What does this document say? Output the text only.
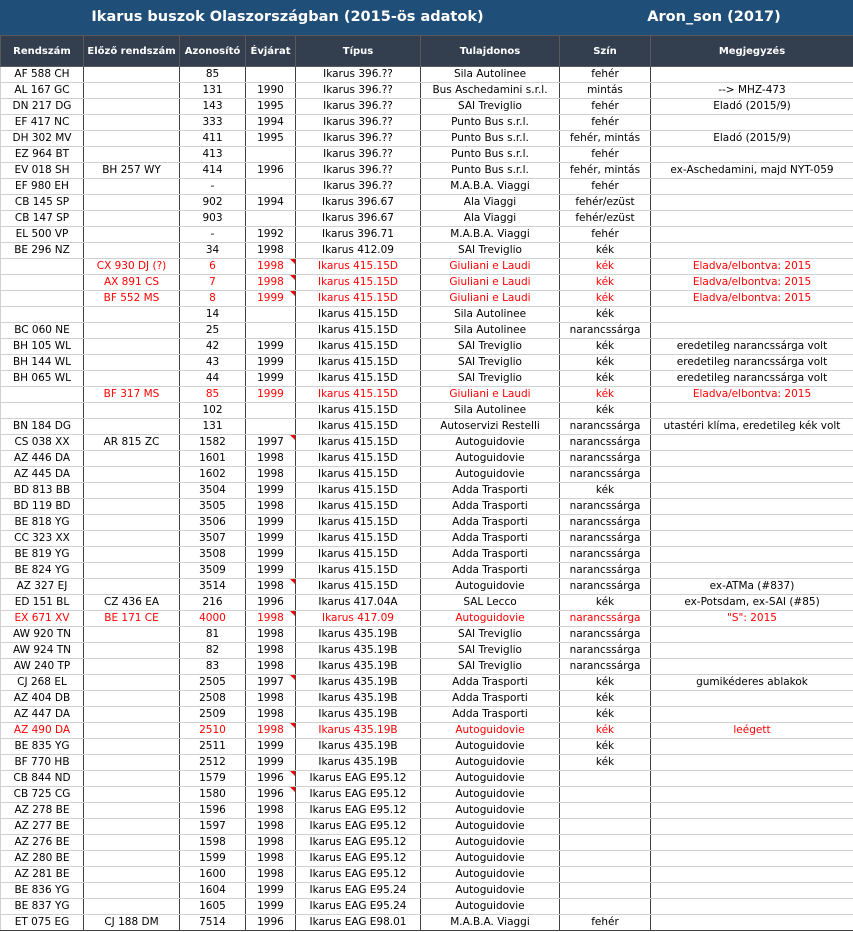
Ikarus buszok Olaszországban (2015-ös adatok)	Aron_son (2017)
Rendszám	Előző rendszám	Azonosító	Évjárat	Típus	Tulajdonos	Szín	Megjegyzés
AF 588 CH		85		Ikarus 396.??	Sila Autolinee	fehér	
AL 167 GC		131	1990	Ikarus 396.??	Bus Aschedamini s.r.l.	mintás	--> MHZ-473
DN 217 DG		143	1995	Ikarus 396.??	SAI Treviglio	fehér	Eladó (2015/9)
EF 417 NC		333	1994	Ikarus 396.??	Punto Bus s.r.l.	fehér	
DH 302 MV		411	1995	Ikarus 396.??	Punto Bus s.r.l.	fehér, mintás	Eladó (2015/9)
EZ 964 BT		413		Ikarus 396.??	Punto Bus s.r.l.	fehér	
EV 018 SH	BH 257 WY	414	1996	Ikarus 396.??	Punto Bus s.r.l.	fehér, mintás	ex-Aschedamini, majd NYT-059
EF 980 EH		-		Ikarus 396.??	M.A.B.A. Viaggi	fehér	
CB 145 SP		902	1994	Ikarus 396.67	Ala Viaggi	fehér/ezüst	
CB 147 SP		903		Ikarus 396.67	Ala Viaggi	fehér/ezüst	
EL 500 VP		-	1992	Ikarus 396.71	M.A.B.A. Viaggi	fehér	
BE 296 NZ		34	1998	Ikarus 412.09	SAI Treviglio	kék	
	CX 930 DJ (?)	6	1998	Ikarus 415.15D	Giuliani e Laudi	kék	Eladva/elbontva: 2015
	AX 891 CS	7	1998	Ikarus 415.15D	Giuliani e Laudi	kék	Eladva/elbontva: 2015
	BF 552 MS	8	1999	Ikarus 415.15D	Giuliani e Laudi	kék	Eladva/elbontva: 2015
		14		Ikarus 415.15D	Sila Autolinee	kék	
BC 060 NE		25		Ikarus 415.15D	Sila Autolinee	narancssárga	
BH 105 WL		42	1999	Ikarus 415.15D	SAI Treviglio	kék	eredetileg narancssárga volt
BH 144 WL		43	1999	Ikarus 415.15D	SAI Treviglio	kék	eredetileg narancssárga volt
BH 065 WL		44	1999	Ikarus 415.15D	SAI Treviglio	kék	eredetileg narancssárga volt
	BF 317 MS	85	1999	Ikarus 415.15D	Giuliani e Laudi	kék	Eladva/elbontva: 2015
		102		Ikarus 415.15D	Sila Autolinee	kék	
BN 184 DG		131		Ikarus 415.15D	Autoservizi Restelli	narancssárga	utastéri klíma, eredetileg kék volt
CS 038 XX	AR 815 ZC	1582	1997	Ikarus 415.15D	Autoguidovie	narancssárga	
AZ 446 DA		1601	1998	Ikarus 415.15D	Autoguidovie	narancssárga	
AZ 445 DA		1602	1998	Ikarus 415.15D	Autoguidovie	narancssárga	
BD 813 BB		3504	1999	Ikarus 415.15D	Adda Trasporti	kék	
BD 119 BD		3505	1998	Ikarus 415.15D	Adda Trasporti	narancssárga	
BE 818 YG		3506	1999	Ikarus 415.15D	Adda Trasporti	narancssárga	
CC 323 XX		3507	1999	Ikarus 415.15D	Adda Trasporti	narancssárga	
BE 819 YG		3508	1999	Ikarus 415.15D	Adda Trasporti	narancssárga	
BE 824 YG		3509	1999	Ikarus 415.15D	Adda Trasporti	narancssárga	
AZ 327 EJ		3514	1998	Ikarus 415.15D	Autoguidovie	narancssárga	ex-ATMa (#837)
ED 151 BL	CZ 436 EA	216	1996	Ikarus 417.04A	SAL Lecco	kék	ex-Potsdam, ex-SAI (#85)
EX 671 XV	BE 171 CE	4000	1998	Ikarus 417.09	Autoguidovie	narancssárga	"S": 2015
AW 920 TN		81	1998	Ikarus 435.19B	SAI Treviglio	narancssárga	
AW 924 TN		82	1998	Ikarus 435.19B	SAI Treviglio	narancssárga	
AW 240 TP		83	1998	Ikarus 435.19B	SAI Treviglio	narancssárga	
CJ 268 EL		2505	1997	Ikarus 435.19B	Adda Trasporti	kék	gumikéderes ablakok
AZ 404 DB		2508	1998	Ikarus 435.19B	Adda Trasporti	kék	
AZ 447 DA		2509	1998	Ikarus 435.19B	Adda Trasporti	kék	
AZ 490 DA		2510	1998	Ikarus 435.19B	Autoguidovie	kék	leégett
BE 835 YG		2511	1999	Ikarus 435.19B	Autoguidovie	kék	
BF 770 HB		2512	1999	Ikarus 435.19B	Autoguidovie	kék	
CB 844 ND		1579	1996	Ikarus EAG E95.12	Autoguidovie		
CB 725 CG		1580	1996	Ikarus EAG E95.12	Autoguidovie		
AZ 278 BE		1596	1998	Ikarus EAG E95.12	Autoguidovie		
AZ 277 BE		1597	1998	Ikarus EAG E95.12	Autoguidovie		
AZ 276 BE		1598	1998	Ikarus EAG E95.12	Autoguidovie		
AZ 280 BE		1599	1998	Ikarus EAG E95.12	Autoguidovie		
AZ 281 BE		1600	1998	Ikarus EAG E95.12	Autoguidovie		
BE 836 YG		1604	1999	Ikarus EAG E95.24	Autoguidovie		
BE 837 YG		1605	1999	Ikarus EAG E95.24	Autoguidovie		
ET 075 EG	CJ 188 DM	7514	1996	Ikarus EAG E98.01	M.A.B.A. Viaggi	fehér	
